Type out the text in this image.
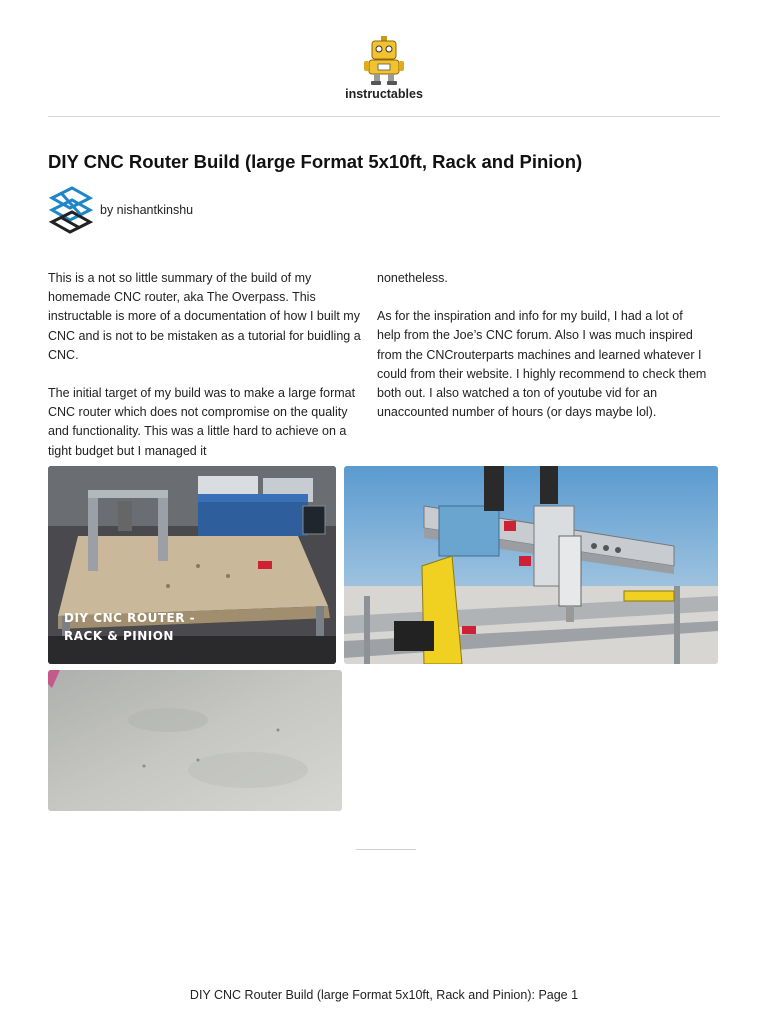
instructables
DIY CNC Router Build (large Format 5x10ft, Rack and Pinion)
by nishantkinshu

This is a not so little summary of the build of my homemade CNC router, aka The Overpass. This instructable is more of a documentation of how I built my CNC and is not to be mistaken as a tutorial for buidling a CNC.

The initial target of my build was to make a large format CNC router which does not compromise on the quality and functionality. This was a little hard to achieve on a tight budget but I managed it

nonetheless.

As for the inspiration and info for my build, I had a lot of help from the Joe’s CNC forum. Also I was much inspired from the CNCrouterparts machines and learned whatever I could from their website. I highly recommend to check them both out. I also watched a ton of youtube vid for an unaccounted number of hours (or days maybe lol).

DIY CNC ROUTER -
RACK & PINION
DIY CNC Router Build (large Format 5x10ft, Rack and Pinion): Page 1
